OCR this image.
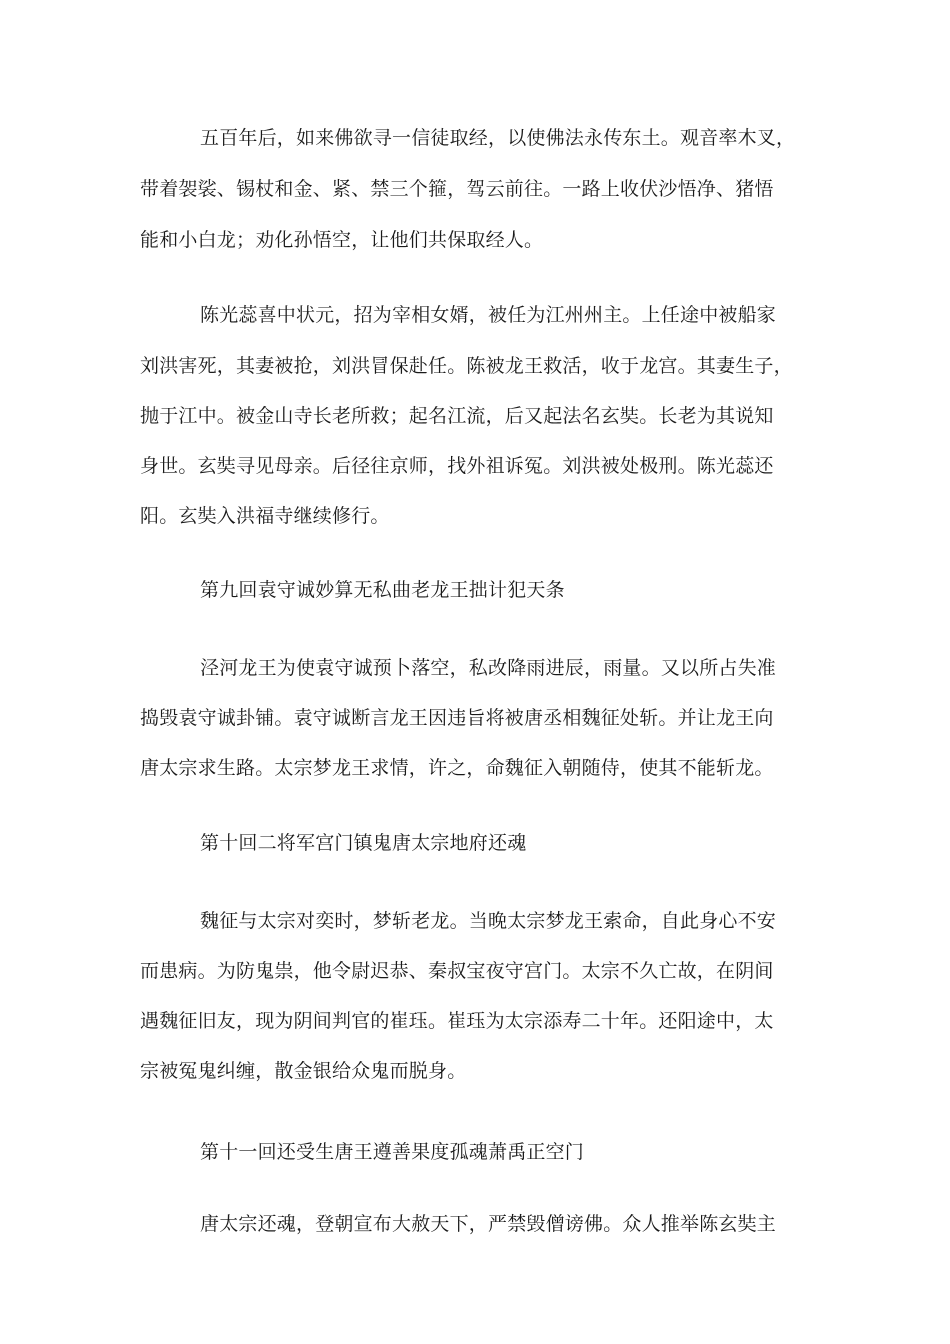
五百年后，如来佛欲寻一信徒取经，以使佛法永传东土。观音率木叉，
带着袈裟、锡杖和金、紧、禁三个箍，驾云前往。一路上收伏沙悟净、猪悟
能和小白龙；劝化孙悟空，让他们共保取经人。
陈光蕊喜中状元，招为宰相女婿，被任为江州州主。上任途中被船家
刘洪害死，其妻被抢，刘洪冒保赴任。陈被龙王救活，收于龙宫。其妻生子，
抛于江中。被金山寺长老所救；起名江流，后又起法名玄奘。长老为其说知
身世。玄奘寻见母亲。后径往京师，找外祖诉冤。刘洪被处极刑。陈光蕊还
阳。玄奘入洪福寺继续修行。
第九回袁守诚妙算无私曲老龙王拙计犯天条
泾河龙王为使袁守诚预卜落空，私改降雨进辰，雨量。又以所占失准
捣毁袁守诚卦铺。袁守诚断言龙王因违旨将被唐丞相魏征处斩。并让龙王向
唐太宗求生路。太宗梦龙王求情，许之，命魏征入朝随侍，使其不能斩龙。
第十回二将军宫门镇鬼唐太宗地府还魂
魏征与太宗对奕时，梦斩老龙。当晚太宗梦龙王索命，自此身心不安
而患病。为防鬼祟，他令尉迟恭、秦叔宝夜守宫门。太宗不久亡故，在阴间
遇魏征旧友，现为阴间判官的崔珏。崔珏为太宗添寿二十年。还阳途中，太
宗被冤鬼纠缠，散金银给众鬼而脱身。
第十一回还受生唐王遵善果度孤魂萧禹正空门
唐太宗还魂，登朝宣布大赦天下，严禁毁僧谤佛。众人推举陈玄奘主
